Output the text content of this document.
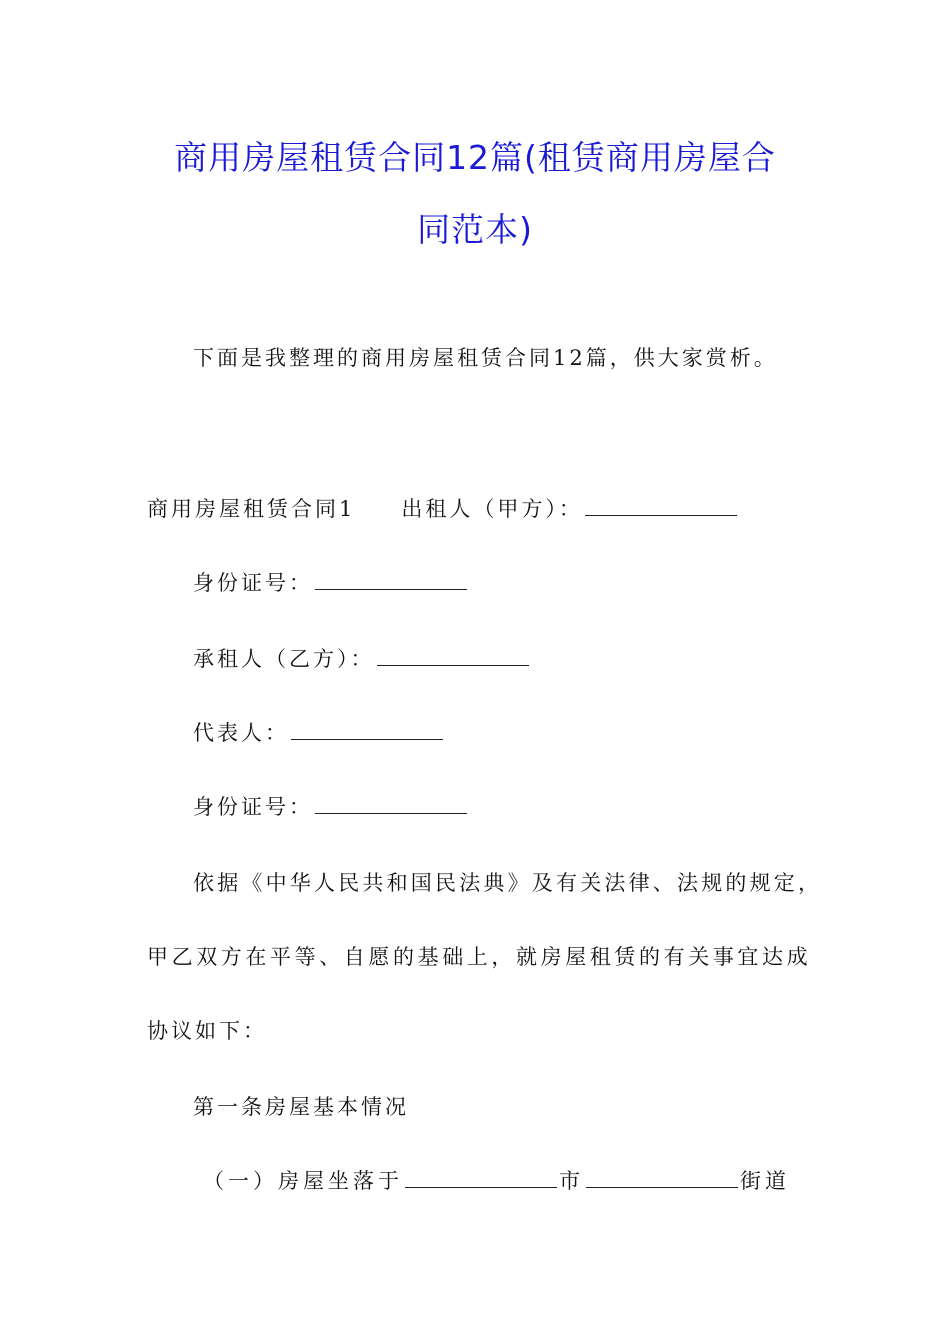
商用房屋租赁合同12篇(租赁商用房屋合
同范本)
下面是我整理的商用房屋租赁合同12篇，供大家赏析。
商用房屋租赁合同1 出租人（甲方）：
身份证号：
承租人（乙方）：
代表人：
身份证号：
依据《中华人民共和国民法典》及有关法律、法规的规定，
甲乙双方在平等、自愿的基础上，就房屋租赁的有关事宜达成
协议如下：
第一条房屋基本情况
（一）房屋坐落于	市	街道
